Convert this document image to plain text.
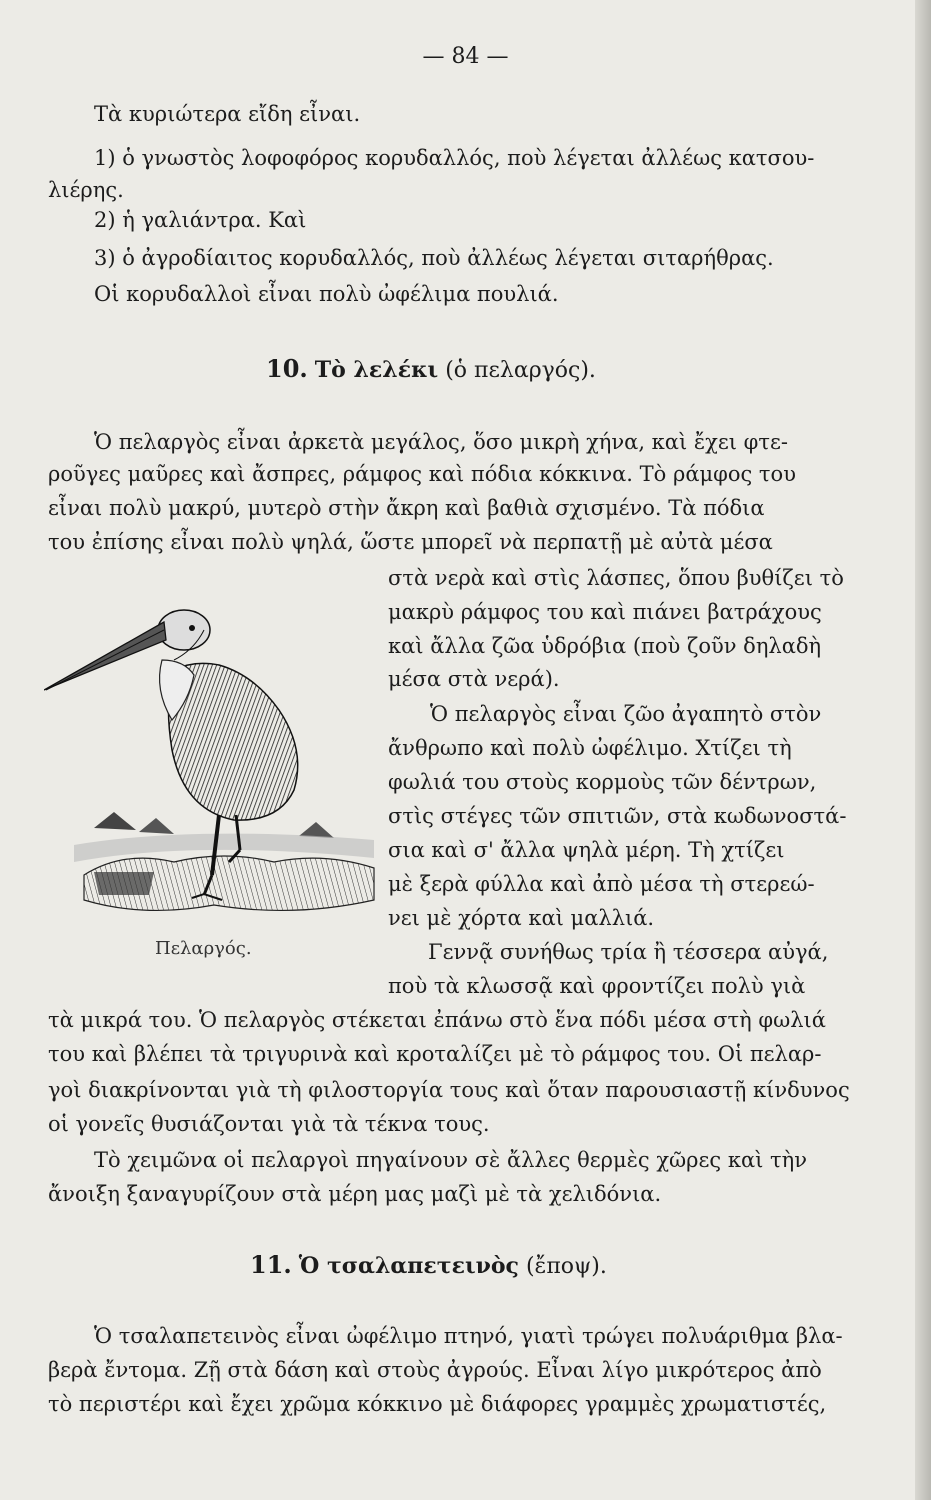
— 84 —
Τὰ κυριώτερα εἴδη εἶναι.
1) ὁ γνωστὸς λοφοφόρος κορυδαλλός, ποὺ λέγεται ἀλλέως κατσου-
λιέρης.
2) ἡ γαλιάντρα. Καὶ
3) ὁ ἀγροδίαιτος κορυδαλλός, ποὺ ἀλλέως λέγεται σιταρήθρας.
Οἱ κορυδαλλοὶ εἶναι πολὺ ὠφέλιμα πουλιά.
10. Τὸ λελέκι (ὁ πελαργός).
Ὁ πελαργὸς εἶναι ἀρκετὰ μεγάλος, ὅσο μικρὴ χήνα, καὶ ἔχει φτε-
ροῦγες μαῦρες καὶ ἄσπρες, ράμφος καὶ πόδια κόκκινα. Τὸ ράμφος του
εἶναι πολὺ μακρύ, μυτερὸ στὴν ἄκρη καὶ βαθιὰ σχισμένο. Τὰ πόδια
του ἐπίσης εἶναι πολὺ ψηλά, ὥστε μπορεῖ νὰ περπατῇ μὲ αὐτὰ μέσα
στὰ νερὰ καὶ στὶς λάσπες, ὅπου βυθίζει τὸ
μακρὺ ράμφος του καὶ πιάνει βατράχους
καὶ ἄλλα ζῶα ὑδρόβια (ποὺ ζοῦν δηλαδὴ
μέσα στὰ νερά).
Ὁ πελαργὸς εἶναι ζῶο ἀγαπητὸ στὸν
ἄνθρωπο καὶ πολὺ ὠφέλιμο. Χτίζει τὴ
φωλιά του στοὺς κορμοὺς τῶν δέντρων,
στὶς στέγες τῶν σπιτιῶν, στὰ κωδωνοστά-
σια καὶ σ' ἄλλα ψηλὰ μέρη. Τὴ χτίζει
μὲ ξερὰ φύλλα καὶ ἀπὸ μέσα τὴ στερεώ-
νει μὲ χόρτα καὶ μαλλιά.
Γεννᾷ συνήθως τρία ἢ τέσσερα αὐγά,
ποὺ τὰ κλωσσᾷ καὶ φροντίζει πολὺ γιὰ
Πελαργός.
τὰ μικρά του. Ὁ πελαργὸς στέκεται ἐπάνω στὸ ἕνα πόδι μέσα στὴ φωλιά
του καὶ βλέπει τὰ τριγυρινὰ καὶ κροταλίζει μὲ τὸ ράμφος του. Οἱ πελαρ-
γοὶ διακρίνονται γιὰ τὴ φιλοστοργία τους καὶ ὅταν παρουσιαστῇ κίνδυνος
οἱ γονεῖς θυσιάζονται γιὰ τὰ τέκνα τους.
Τὸ χειμῶνα οἱ πελαργοὶ πηγαίνουν σὲ ἄλλες θερμὲς χῶρες καὶ τὴν
ἄνοιξη ξαναγυρίζουν στὰ μέρη μας μαζὶ μὲ τὰ χελιδόνια.
11. Ὁ τσαλαπετεινὸς (ἔποψ).
Ὁ τσαλαπετεινὸς εἶναι ὠφέλιμο πτηνό, γιατὶ τρώγει πολυάριθμα βλα-
βερὰ ἔντομα. Ζῇ στὰ δάση καὶ στοὺς ἀγρούς. Εἶναι λίγο μικρότερος ἀπὸ
τὸ περιστέρι καὶ ἔχει χρῶμα κόκκινο μὲ διάφορες γραμμὲς χρωματιστές,
